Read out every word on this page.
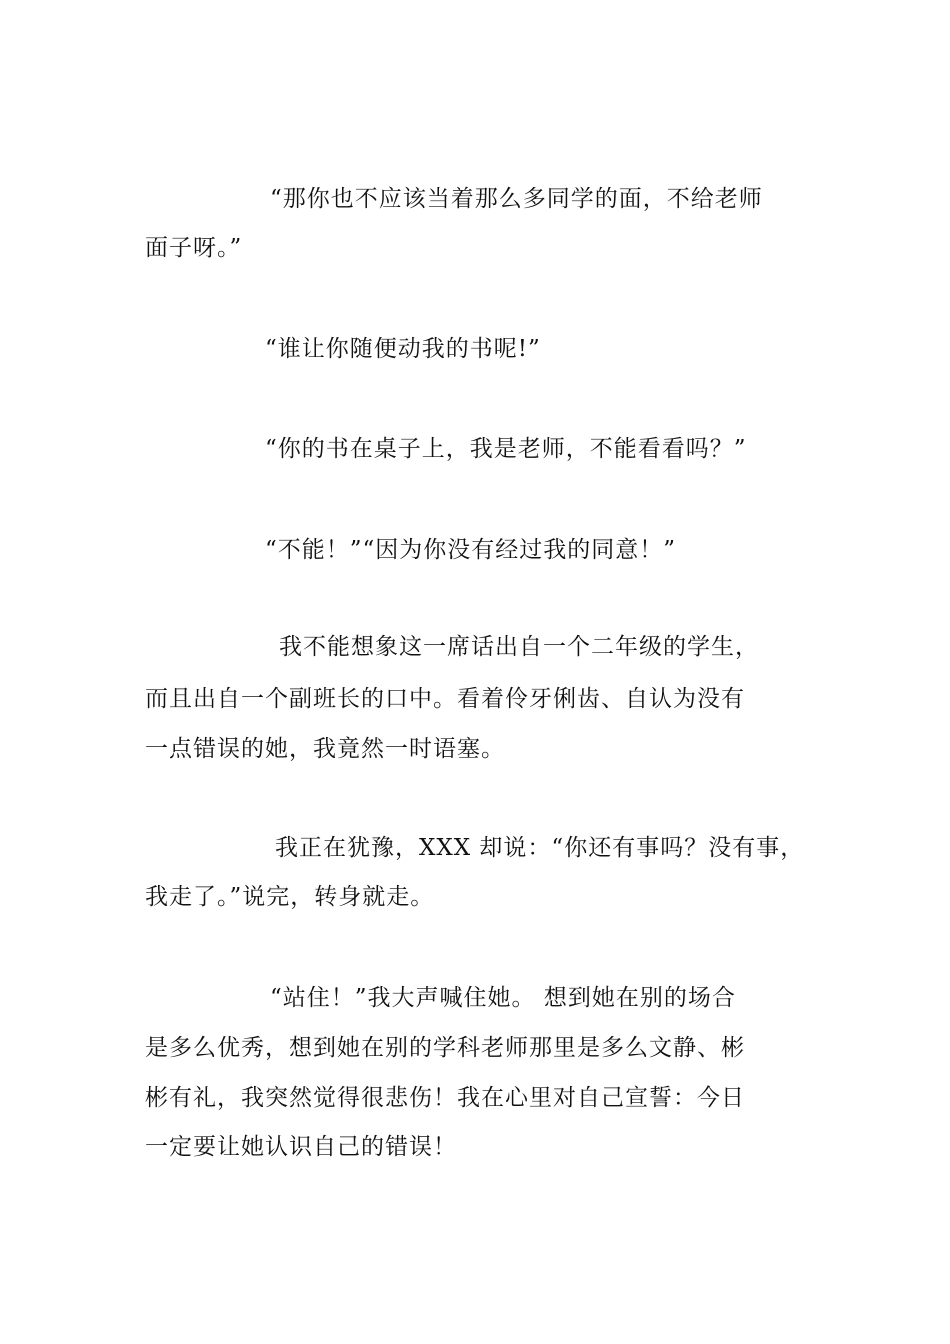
“那你也不应该当着那么多同学的面，不给老师
面子呀。”
“谁让你随便动我的书呢!”
“你的书在桌子上，我是老师，不能看看吗？”
“不能！”“因为你没有经过我的同意！”
我不能想象这一席话出自一个二年级的学生，
而且出自一个副班长的口中。看着伶牙俐齿、自认为没有
一点错误的她，我竟然一时语塞。
我正在犹豫，XXX 却说：“你还有事吗？没有事，
我走了。”说完，转身就走。
“站住！”我大声喊住她。 想到她在别的场合
是多么优秀，想到她在别的学科老师那里是多么文静、彬
彬有礼，我突然觉得很悲伤！我在心里对自己宣誓：今日
一定要让她认识自己的错误！
